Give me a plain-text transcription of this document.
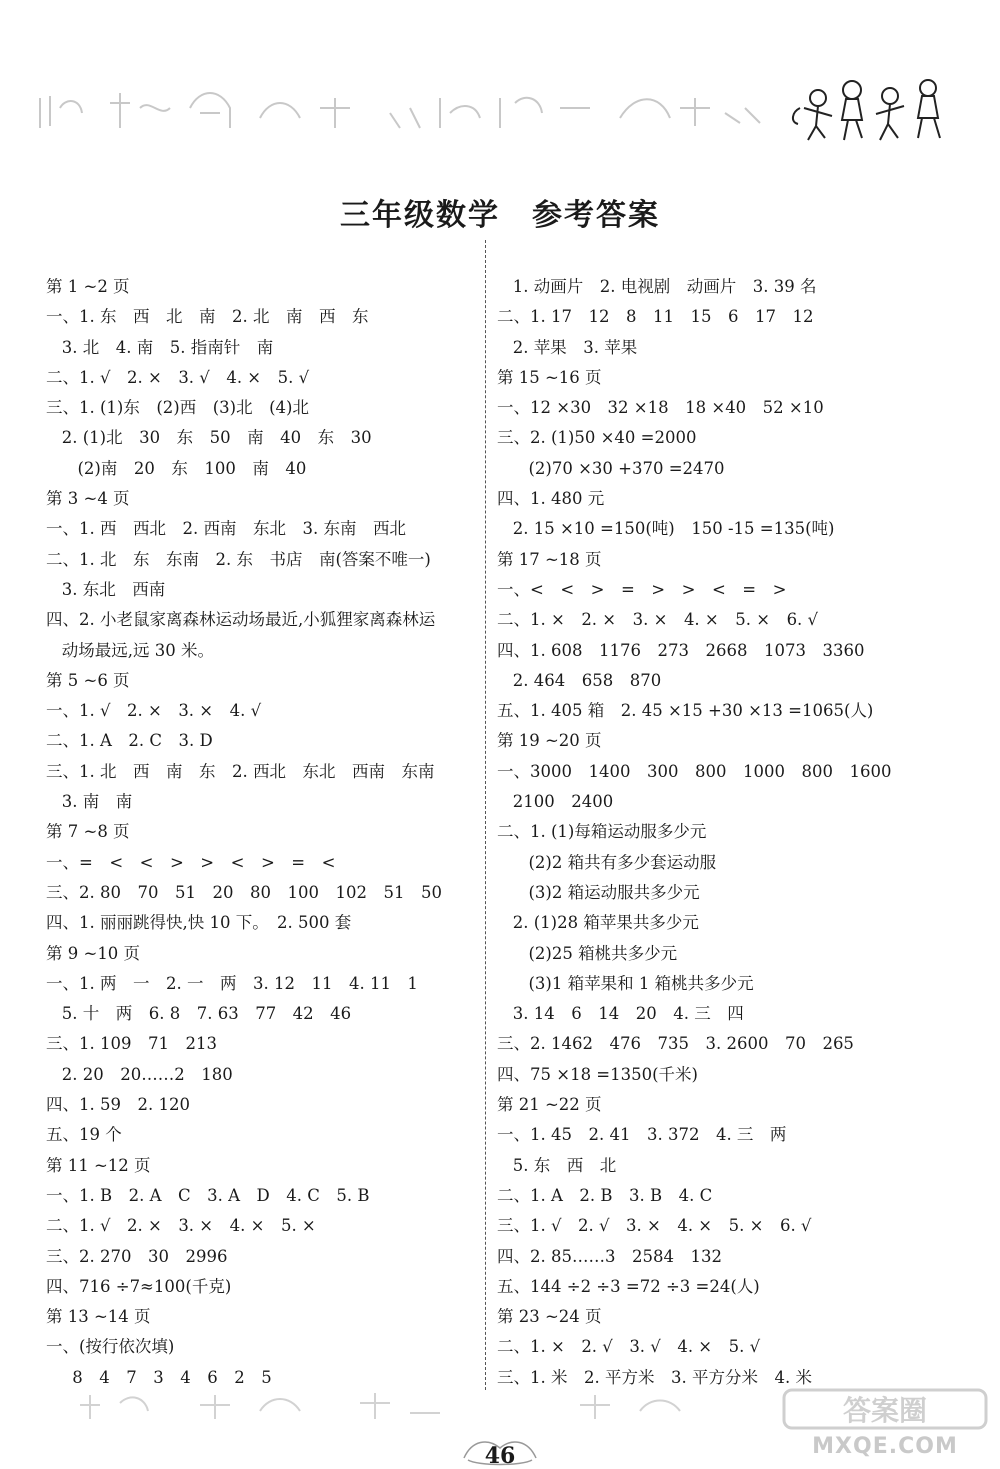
三年级数学　参考答案
第 1 ~2 页
一、1. 东　西　北　南　2. 北　南　西　东
3. 北　4. 南　5. 指南针　南
二、1. √　2. ×　3. √　4. ×　5. √
三、1. (1)东　(2)西　(3)北　(4)北
2. (1)北　30　东　50　南　40　东　30
(2)南　20　东　100　南　40
第 3 ~4 页
一、1. 西　西北　2. 西南　东北　3. 东南　西北
二、1. 北　东　东南　2. 东　书店　南(答案不唯一)
3. 东北　西南
四、2. 小老鼠家离森林运动场最近,小狐狸家离森林运
动场最远,远 30 米。
第 5 ~6 页
一、1. √　2. ×　3. ×　4. √
二、1. A　2. C　3. D
三、1. 北　西　南　东　2. 西北　东北　西南　东南
3. 南　南
第 7 ~8 页
一、=　<　<　>　>　<　>　=　<
三、2. 80　70　51　20　80　100　102　51　50
四、1. 丽丽跳得快,快 10 下。　2. 500 套
第 9 ~10 页
一、1. 两　一　2. 一　两　3. 12　11　4. 11　1
5. 十　两　6. 8　7. 63　77　42　46
三、1. 109　71　213
2. 20　20……2　180
四、1. 59　2. 120
五、19 个
第 11 ~12 页
一、1. B　2. A　C　3. A　D　4. C　5. B
二、1. √　2. ×　3. ×　4. ×　5. ×
三、2. 270　30　2996
四、716 ÷7≈100(千克)
第 13 ~14 页
一、(按行依次填)
8　4　7　3　4　6　2　5
1. 动画片　2. 电视剧　动画片　3. 39 名
二、1. 17　12　8　11　15　6　17　12
2. 苹果　3. 苹果
第 15 ~16 页
一、12 ×30　32 ×18　18 ×40　52 ×10
三、2. (1)50 ×40 =2000
(2)70 ×30 +370 =2470
四、1. 480 元
2. 15 ×10 =150(吨)　150 -15 =135(吨)
第 17 ~18 页
一、<　<　>　=　>　>　<　=　>
二、1. ×　2. ×　3. ×　4. ×　5. ×　6. √
四、1. 608　1176　273　2668　1073　3360
2. 464　658　870
五、1. 405 箱　2. 45 ×15 +30 ×13 =1065(人)
第 19 ~20 页
一、3000　1400　300　800　1000　800　1600
2100　2400
二、1. (1)每箱运动服多少元
(2)2 箱共有多少套运动服
(3)2 箱运动服共多少元
2. (1)28 箱苹果共多少元
(2)25 箱桃共多少元
(3)1 箱苹果和 1 箱桃共多少元
3. 14　6　14　20　4. 三　四
三、2. 1462　476　735　3. 2600　70　265
四、75 ×18 =1350(千米)
第 21 ~22 页
一、1. 45　2. 41　3. 372　4. 三　两
5. 东　西　北
二、1. A　2. B　3. B　4. C
三、1. √　2. √　3. ×　4. ×　5. ×　6. √
四、2. 85……3　2584　132
五、144 ÷2 ÷3 =72 ÷3 =24(人)
第 23 ~24 页
二、1. ×　2. √　3. √　4. ×　5. √
三、1. 米　2. 平方米　3. 平方分米　4. 米
46
答案圈
MXQE.COM
